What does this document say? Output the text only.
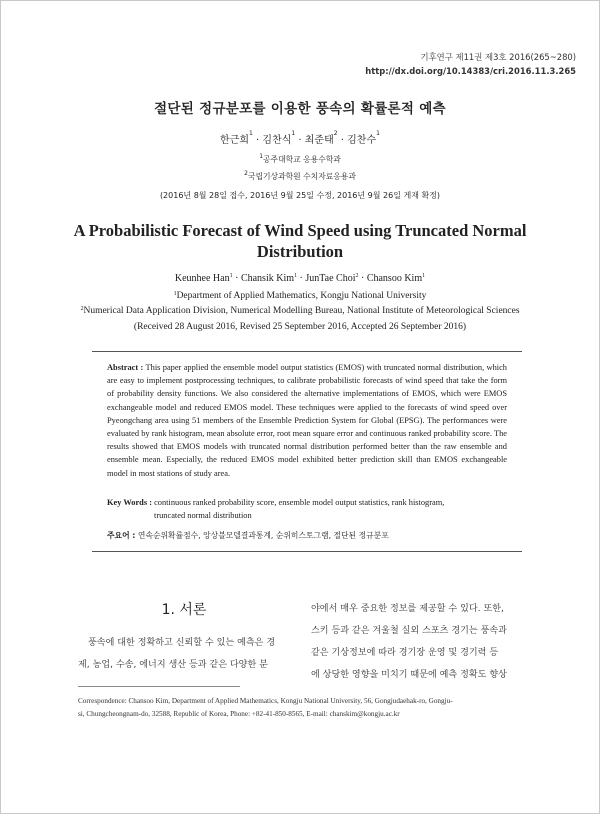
기후연구 제11권 제3호 2016(265~280)
http://dx.doi.org/10.14383/cri.2016.11.3.265
절단된 정규분포를 이용한 풍속의 확률론적 예측
한근희$^1$ · 김찬식$^1$ · 최준태$^2$ · 김찬수$^1$
$^1$공주대학교 응용수학과
$^2$국립기상과학원 수치자료응용과
(2016년 8월 28일 접수, 2016년 9월 25일 수정, 2016년 9월 26일 게재 확정)
A Probabilistic Forecast of Wind Speed using Truncated Normal
Distribution
Keunhee Han$^1$ · Chansik Kim$^1$ · JunTae Choi$^2$ · Chansoo Kim$^1$
$^1$Department of Applied Mathematics, Kongju National University
$^2$Numerical Data Application Division, Numerical Modelling Bureau, National Institute of Meteorological Sciences
(Received 28 August 2016, Revised 25 September 2016, Accepted 26 September 2016)
Abstract : This paper applied the ensemble model output statistics (EMOS) with truncated normal distribution, which are easy to implement postprocessing techniques, to calibrate probabilistic forecasts of wind speed that take the form of probability density functions. We also considered the alternative implementations of EMOS, which were EMOS exchangeable model and reduced EMOS model. These techniques were applied to the forecasts of wind speed over Pyeongchang area using 51 members of the Ensemble Prediction System for Global (EPSG). The performances were evaluated by rank histogram, mean absolute error, root mean square error and continuous ranked probability score. The results showed that EMOS models with truncated normal distribution performed better than the raw ensemble and ensemble mean. Especially, the reduced EMOS model exhibited better prediction skill than EMOS exchangeable model in most stations of study area.
Key Words : continuous ranked probability score, ensemble model output statistics, rank histogram,
truncated normal distribution
주요어 : 연속순위확률점수, 앙상블모델결과통계, 순위히스토그램, 절단된 정규분포
1. 서론

풍속에 대한 정확하고 신뢰할 수 있는 예측은 경

제, 농업, 수송, 에너지 생산 등과 같은 다양한 분

야에서 매우 중요한 정보를 제공할 수 있다. 또한,

스키 등과 같은 겨울철 실외 스포츠 경기는 풍속과

같은 기상정보에 따라 경기장 운영 및 경기력 등

에 상당한 영향을 미치기 때문에 예측 정확도 향상

Correspondence: Chansoo Kim, Department of Applied Mathematics, Kongju National University, 56, Gongjudaehak-ro, Gongju-
si, Chungcheongnam-do, 32588, Republic of Korea, Phone: +82-41-850-8565, E-mail: chanskim@kongju.ac.kr
